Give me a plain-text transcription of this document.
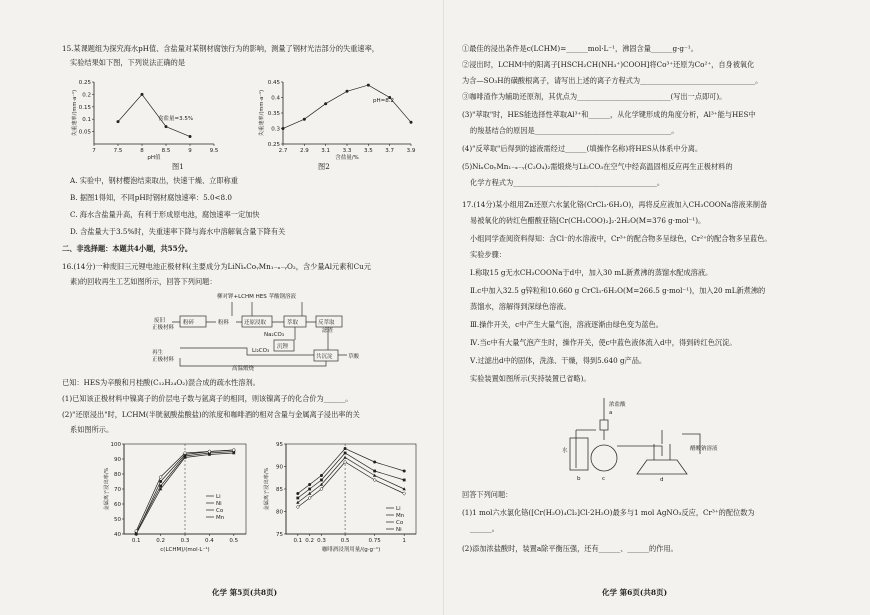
15.某课题组为探究海水pH值、含盐量对某钢材腐蚀行为的影响，测量了钢材光洁部分的失重速率，
实验结果如下图，下列说法正确的是
7	7.5	8	8.5	9	9.5
0.05
0.1
0.15
0.2
0.25
pH值
失重速率/(mm·a⁻¹)	含盐量=3.5%
2.7 2.9 3.1 3.3 3.5 3.7 3.9
0.25
0.3
0.35
0.4
0.45
含盐量/%
失重速率/(mm·a⁻¹)	pH=8.2
图1	图2
A. 实验中，钢材樱泡结束取出，快速干燥、立即称重
B. 据图1得知，不同pH时钢材腐蚀速率：5.0<8.0
C. 海水含盐量升高，有利于形成原电池，腐蚀速率一定加快
D. 含盐量大于3.5%时，失重速率下降与海水中溶解氧含量下降有关
二、非选择题：本题共4小题，共55分。
16.(14分)一种废旧三元锂电池正极材料(主要成分为LiNiₓCoᵧMn₁₋ₓ₋ᵧO₂，含少量Al元素和Cu元
素)的回收再生工艺如图所示，回答下列问题：
废旧
正极材料
柳对钾+LCHM HES 苹酸钢溶液
Na₂CO₃
再生
正极材料	草酸
滤渣
粉碎	粉料	还原浸取	萃取	反萃取
沉锂
Li₂CO₃
共沉淀
高温煅烧
已知：HES为辛酸和月桂酸(C₁₂H₂₄O₂)混合成的疏水性溶剂。
(1)已知该正极材料中镍离子的价层电子数与氩离子的相同，则该镍离子的化合价为______。
(2)"还原浸出"时，LCHM(半胱氨酸盐酸盐)的浓度和咖啡酒的相对含量与金属离子浸出率的关
系如图所示。
0.1	0.2	0.3	0.4	0.5
40
50
60
70
80
90
100
c(LCHM)/(mol·L⁻¹)
金属离子浸出率/%	Li
Ni
Co
Mn
0.1 0.2 0.3	0.5	0.75	1
75
80
85
90
95
咖啡酒浸剂用量/(g·g⁻¹)
金属离子浸出率/%	Li
Mn
Co
Ni
化学 第5页(共8页)
①最佳的浸出条件是c(LCHM)=______mol·L⁻¹，沸固含量______g·g⁻¹。
②浸出时，LCHM中的阳离子[HSCH₂CH(NH₃⁺)COOH]将Co³⁺还原为Co²⁺，自身被氧化
为含—SO₃H的磺酸根离子，请写出上述的离子方程式为________________________________。
③咖啡渣作为辅助还原剂，其优点为__________________________(写出一点即可)。
(3)"萃取"时，HES能选择性萃取Al³⁺和______，从化学键形成的角度分析，Al³⁺能与HES中
的羧基结合的原因是______________________________________。
(4)"反萃取"后得到的滤液需经过______(填操作名称)将HES从体系中分离。
(5)NiₓCoᵧMn₁₋ₓ₋ᵧ(C₂O₄)₂需煅烧与Li₂CO₃在空气中经高温固相反应再生正极材料的
化学方程式为________________________________________。
17.(14分)某小组用Zn还原六水氯化铬(CrCl₃·6H₂O)，再将反应液加入CH₃COONa溶液来制备
易被氧化的砖红色醋酸亚铬[Cr(CH₃COO)₂]₂·2H₂O(M=376 g·mol⁻¹)。
小组同学查阅资料得知：含Cl⁻的水溶液中，Cr³⁺的配合物多呈绿色，Cr²⁺的配合物多呈蓝色。
实验步骤：
Ⅰ.称取15 g无水CH₃COONa于d中，加入30 mL新煮沸的蒸馏水配成溶液。
Ⅱ.c中加入32.5 g锌粒和10.660 g CrCl₃·6H₂O(M=266.5 g·mol⁻¹)，加入20 mL新煮沸的
蒸馏水，溶解得到深绿色溶液。
Ⅲ.操作开关，c中产生大量气泡，溶液逐渐由绿色变为蓝色。
Ⅳ.当c中有大量气泡产生时，操作开关，使c中蓝色液体流入d中，得到砖红色沉淀。
Ⅴ.过滤出d中的固体，洗涤、干燥，得到5.640 g产品。
实验装置如图所示(夹持装置已省略)。
浓盐酸
a
水
b	c	d
醋酸钠溶液
回答下列问题：
(1)1 mol六水氯化铬([Cr(H₂O)₄Cl₂]Cl·2H₂O)最多与1 mol AgNO₃反应，Cr³⁺的配位数为
______。
(2)添加浓盐酸时，装置a除平衡压强，还有______、______的作用。
化学 第6页(共8页)
